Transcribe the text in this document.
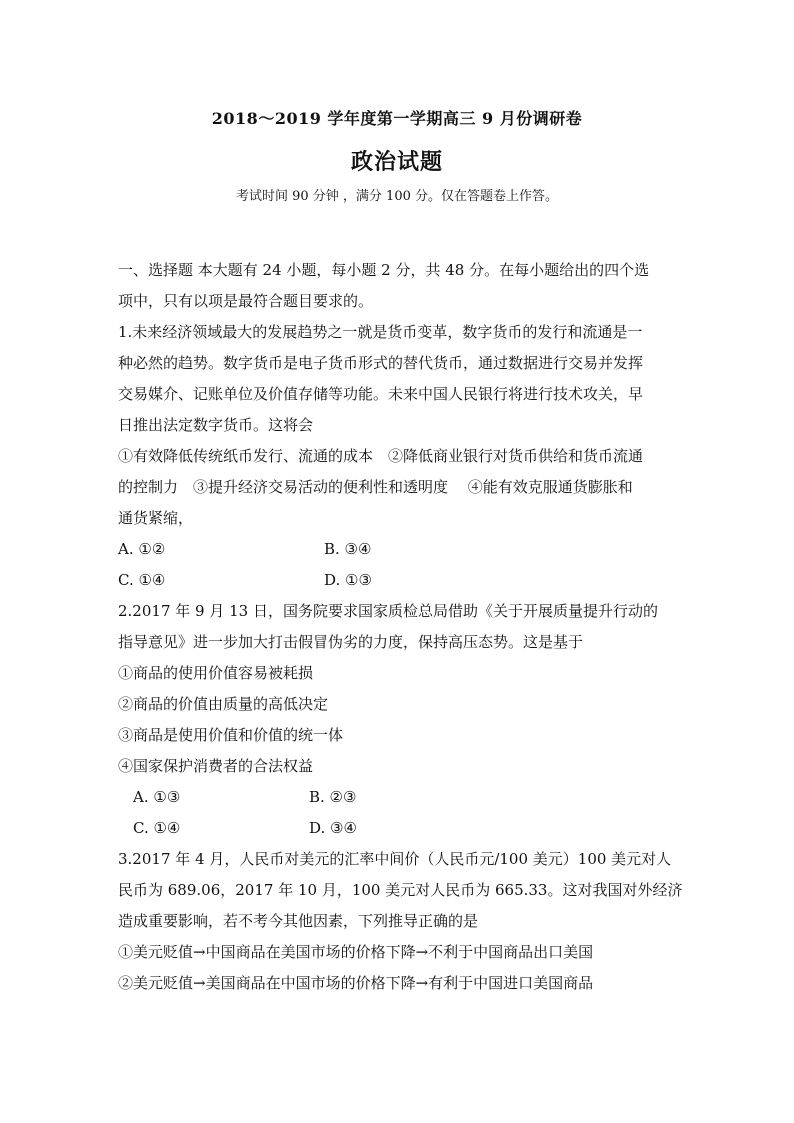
2018～2019 学年度第一学期高三 9 月份调研卷
政治试题
考试时间 90 分钟 ，满分 100 分。仅在答题卷上作答。

一、选择题 本大题有 24 小题，每小题 2 分，共 48 分。在每小题给出的四个选

项中，只有以项是最符合题目要求的。

1.未来经济领域最大的发展趋势之一就是货币变革，数字货币的发行和流通是一

种必然的趋势。数字货币是电子货币形式的替代货币，通过数据进行交易并发挥

交易媒介、记账单位及价值存储等功能。未来中国人民银行将进行技术攻关，早

日推出法定数字货币。这将会

①有效降低传统纸币发行、流通的成本　②降低商业银行对货币供给和货币流通

的控制力　③提升经济交易活动的便利性和透明度　 ④能有效克服通货膨胀和

通货紧缩，

A. ①②	B. ③④
C. ①④	D. ①③

2.2017 年 9 月 13 日，国务院要求国家质检总局借助《关于开展质量提升行动的

指导意见》进一步加大打击假冒伪劣的力度，保持高压态势。这是基于

①商品的使用价值容易被耗损

②商品的价值由质量的高低决定

③商品是使用价值和价值的统一体

④国家保护消费者的合法权益

A. ①③	B. ②③
C. ①④	D. ③④

3.2017 年 4 月，人民币对美元的汇率中间价（人民币元/100 美元）100 美元对人

民币为 689.06，2017 年 10 月，100 美元对人民币为 665.33。这对我国对外经济

造成重要影响，若不考今其他因素，下列推导正确的是

①美元贬值→中国商品在美国市场的价格下降→不利于中国商品出口美国

②美元贬值→美国商品在中国市场的价格下降→有利于中国进口美国商品
